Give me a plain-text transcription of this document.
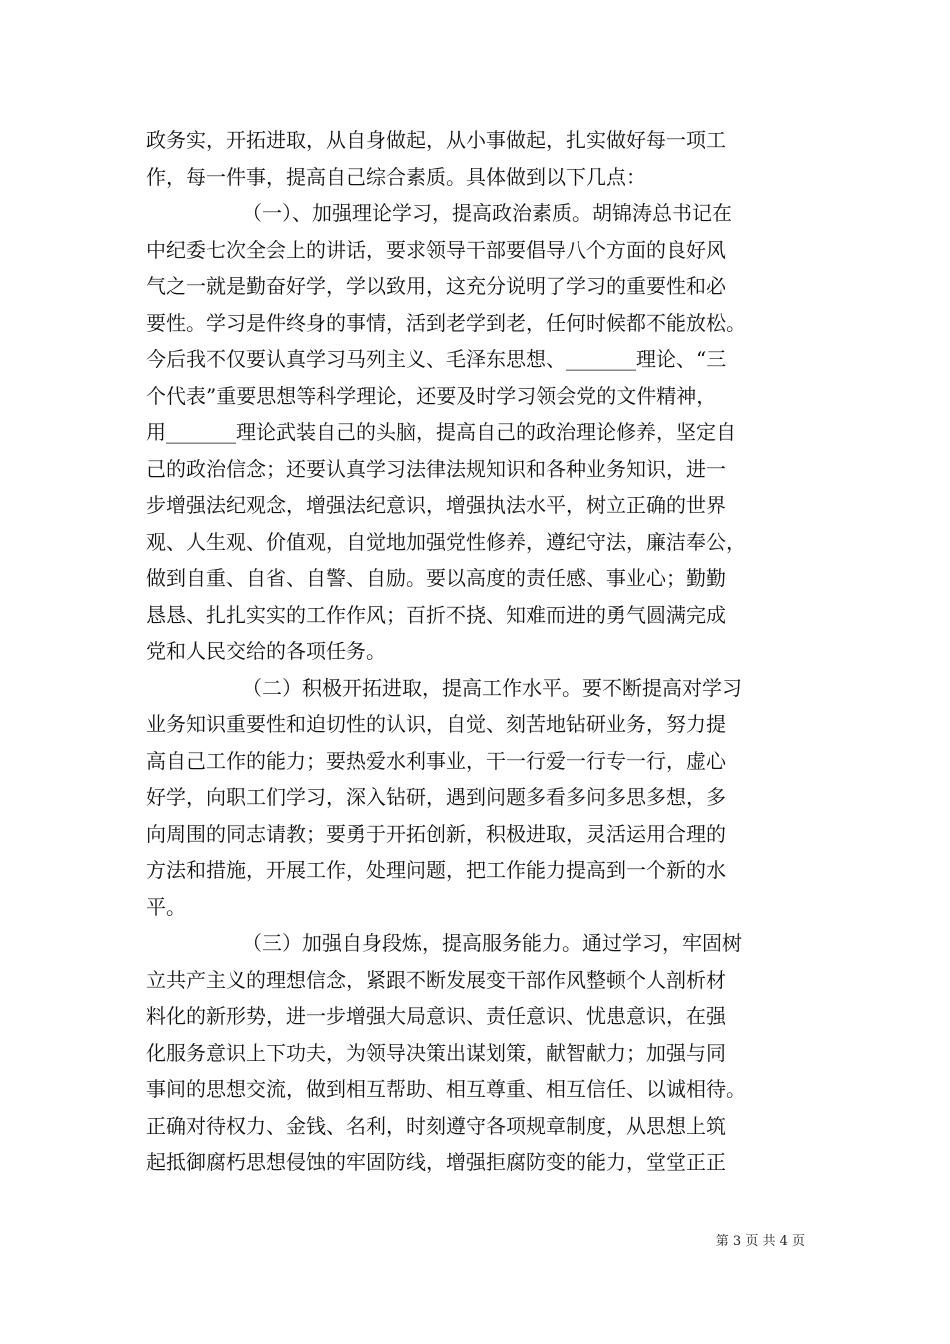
政务实，开拓进取，从自身做起，从小事做起，扎实做好每一项工
作，每一件事，提高自己综合素质。具体做到以下几点：
（一）、加强理论学习，提高政治素质。胡锦涛总书记在
中纪委七次全会上的讲话，要求领导干部要倡导八个方面的良好风
气之一就是勤奋好学，学以致用，这充分说明了学习的重要性和必
要性。学习是件终身的事情，活到老学到老，任何时候都不能放松。
今后我不仅要认真学习马列主义、毛泽东思想、_______理论、“三
个代表”重要思想等科学理论，还要及时学习领会党的文件精神，
用_______理论武装自己的头脑，提高自己的政治理论修养，坚定自
己的政治信念；还要认真学习法律法规知识和各种业务知识，进一
步增强法纪观念，增强法纪意识，增强执法水平，树立正确的世界
观、人生观、价值观，自觉地加强党性修养，遵纪守法，廉洁奉公，
做到自重、自省、自警、自励。要以高度的责任感、事业心；勤勤
恳恳、扎扎实实的工作作风；百折不挠、知难而进的勇气圆满完成
党和人民交给的各项任务。
（二）积极开拓进取，提高工作水平。要不断提高对学习
业务知识重要性和迫切性的认识，自觉、刻苦地钻研业务，努力提
高自己工作的能力；要热爱水利事业，干一行爱一行专一行，虚心
好学，向职工们学习，深入钻研，遇到问题多看多问多思多想，多
向周围的同志请教；要勇于开拓创新，积极进取，灵活运用合理的
方法和措施，开展工作，处理问题，把工作能力提高到一个新的水
平。
（三）加强自身段炼，提高服务能力。通过学习，牢固树
立共产主义的理想信念，紧跟不断发展变干部作风整顿个人剖析材
料化的新形势，进一步增强大局意识、责任意识、忧患意识，在强
化服务意识上下功夫，为领导决策出谋划策，献智献力；加强与同
事间的思想交流，做到相互帮助、相互尊重、相互信任、以诚相待。
正确对待权力、金钱、名利，时刻遵守各项规章制度，从思想上筑
起抵御腐朽思想侵蚀的牢固防线，增强拒腐防变的能力，堂堂正正
第 3 页 共 4 页
